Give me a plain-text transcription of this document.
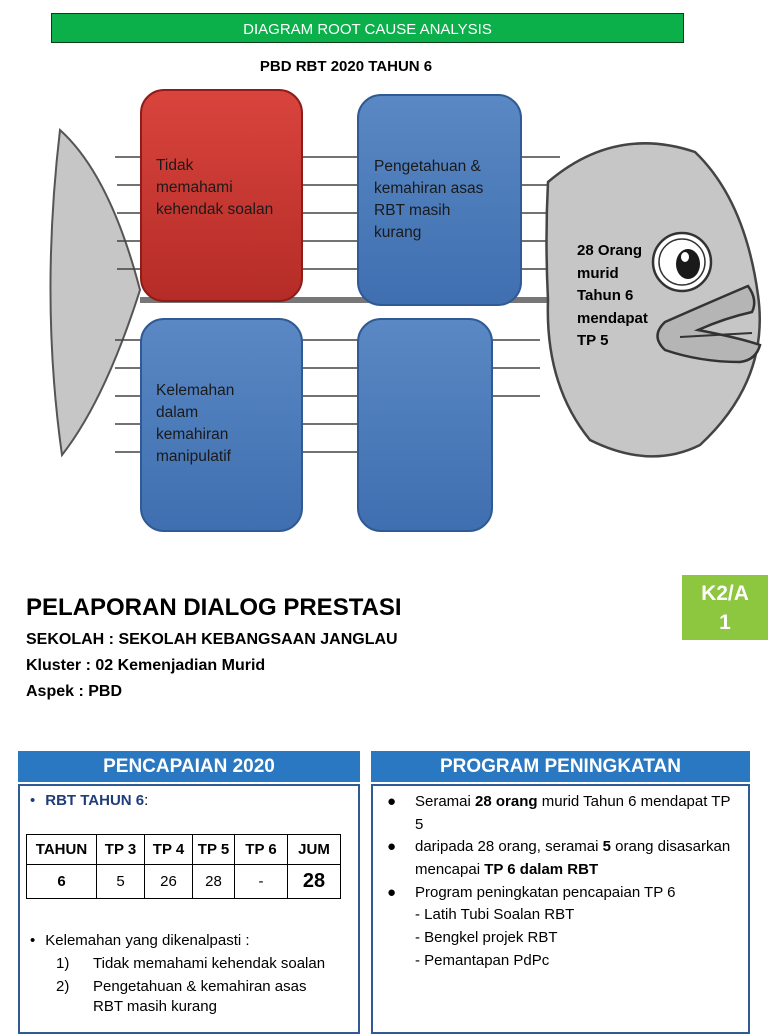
DIAGRAM ROOT CAUSE ANALYSIS
PBD RBT 2020 TAHUN 6
Tidak
memahami
kehendak soalan
Pengetahuan &
kemahiran asas
RBT masih
kurang
Kelemahan
dalam
kemahiran
manipulatif
28 Orang
murid
Tahun 6
mendapat
TP 5
K2/A
1
PELAPORAN DIALOG PRESTASI
SEKOLAH : SEKOLAH KEBANGSAAN JANGLAU
Kluster : 02 Kemenjadian Murid
Aspek : PBD
PENCAPAIAN 2020	PROGRAM PENINGKATAN
• RBT TAHUN 6:
TAHUN	TP 3	TP 4	TP 5	TP 6	JUM
6	5	26	28	-	28
• Kelemahan yang dikenalpasti :
1) Tidak memahami kehendak soalan
2) Pengetahuan & kemahiran asas
RBT masih kurang
●	Seramai 28 orang murid Tahun 6 mendapat TP 5
●	daripada 28 orang, seramai 5 orang disasarkan mencapai TP 6 dalam RBT
●	Program peningkatan pencapaian TP 6
- Latih Tubi Soalan RBT
- Bengkel projek RBT
- Pemantapan PdPc
